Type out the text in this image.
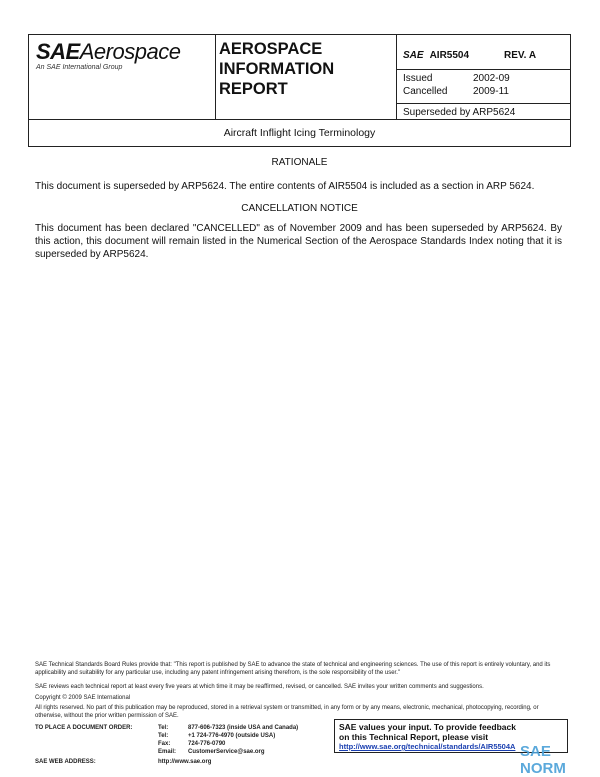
SAEAerospace
An SAE International Group
AEROSPACE
INFORMATION
REPORT
SAE AIR5504	REV. A
Issued	2002-09
Cancelled	2009-11
Superseded by ARP5624
Aircraft Inflight Icing Terminology
RATIONALE
This document is superseded by ARP5624. The entire contents of AIR5504 is included as a section in ARP 5624.
CANCELLATION NOTICE
This document has been declared "CANCELLED" as of November 2009 and has been superseded by ARP5624. By this action, this document will remain listed in the Numerical Section of the Aerospace Standards Index noting that it is superseded by ARP5624.
SAE Technical Standards Board Rules provide that: "This report is published by SAE to advance the state of technical and engineering sciences. The use of this report is entirely voluntary, and its applicability and suitability for any particular use, including any patent infringement arising therefrom, is the sole responsibility of the user."
SAE reviews each technical report at least every five years at which time it may be reaffirmed, revised, or cancelled. SAE invites your written comments and suggestions.
Copyright © 2009 SAE International
All rights reserved. No part of this publication may be reproduced, stored in a retrieval system or transmitted, in any form or by any means, electronic, mechanical, photocopying, recording, or otherwise, without the prior written permission of SAE.
TO PLACE A DOCUMENT ORDER:	Tel:	877-606-7323 (inside USA and Canada)
Tel:	+1 724-776-4970 (outside USA)
Fax:	724-776-0790
Email: CustomerService@sae.org
SAE WEB ADDRESS:	http://www.sae.org
SAE values your input. To provide feedback
on this Technical Report, please visit
http://www.sae.org/technical/standards/AIR5504A SAE NORM
